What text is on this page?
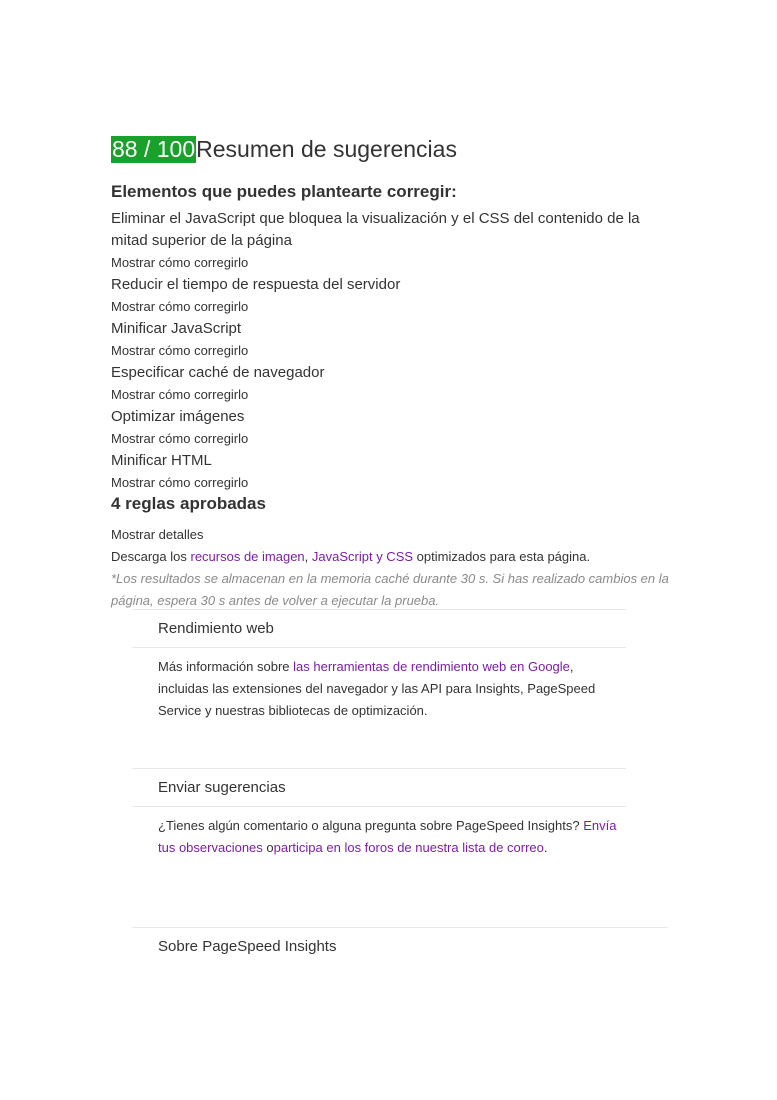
88 / 100 Resumen de sugerencias
Elementos que puedes plantearte corregir:
Eliminar el JavaScript que bloquea la visualización y el CSS del contenido de la mitad superior de la página
Mostrar cómo corregirlo
Reducir el tiempo de respuesta del servidor
Mostrar cómo corregirlo
Minificar JavaScript
Mostrar cómo corregirlo
Especificar caché de navegador
Mostrar cómo corregirlo
Optimizar imágenes
Mostrar cómo corregirlo
Minificar HTML
Mostrar cómo corregirlo
4 reglas aprobadas
Mostrar detalles
Descarga los recursos de imagen, JavaScript y CSS optimizados para esta página.
*Los resultados se almacenan en la memoria caché durante 30 s. Si has realizado cambios en la página, espera 30 s antes de volver a ejecutar la prueba.
Rendimiento web
Más información sobre las herramientas de rendimiento web en Google, incluidas las extensiones del navegador y las API para Insights, PageSpeed Service y nuestras bibliotecas de optimización.
Enviar sugerencias
¿Tienes algún comentario o alguna pregunta sobre PageSpeed Insights? Envía tus observaciones oparticipa en los foros de nuestra lista de correo.
Sobre PageSpeed Insights
